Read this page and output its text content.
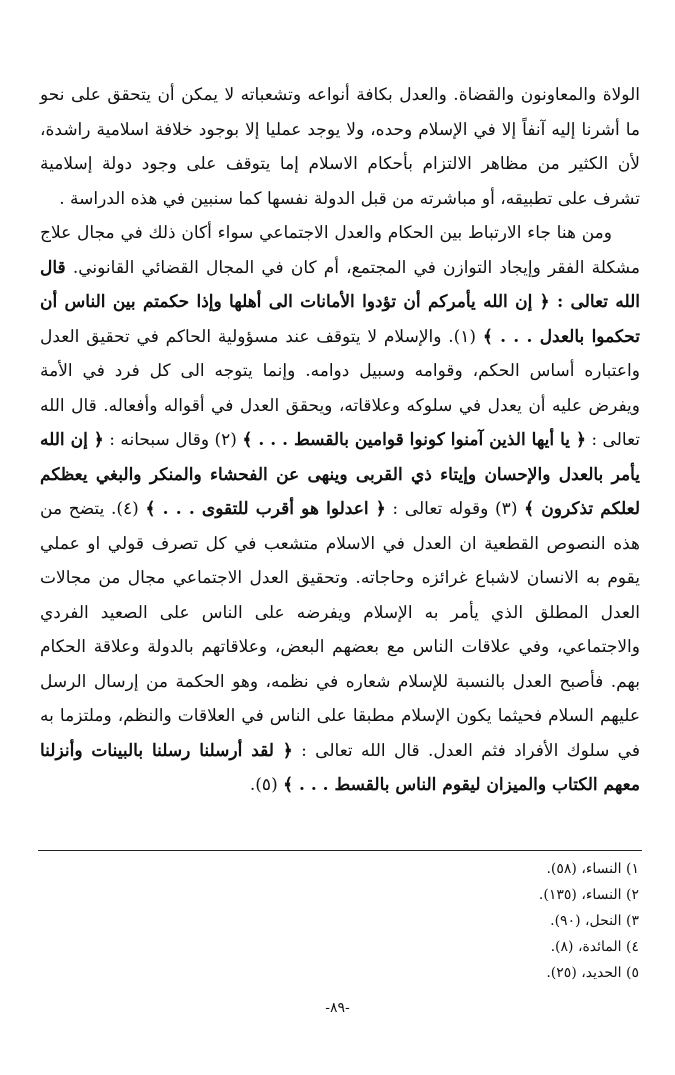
الولاة والمعاونون والقضاة. والعدل بكافة أنواعه وتشعباته لا يمكن أن يتحقق على نحو ما أشرنا إليه آنفاً إلا في الإسلام وحده، ولا يوجد عمليا إلا بوجود خلافة اسلامية راشدة، لأن الكثير من مظاهر الالتزام بأحكام الاسلام إما يتوقف على وجود دولة إسلامية تشرف على تطبيقه، أو مباشرته من قبل الدولة نفسها كما سنبين في هذه الدراسة .

ومن هنا جاء الارتباط بين الحكام والعدل الاجتماعي سواء أكان ذلك في مجال علاج مشكلة الفقر وإيجاد التوازن في المجتمع، أم كان في المجال القضائي القانوني. قال الله تعالى : ﴿ إن الله يأمركم أن تؤدوا الأمانات الى أهلها وإذا حكمتم بين الناس أن تحكموا بالعدل . . . ﴾ (١). والإسلام لا يتوقف عند مسؤولية الحاكم في تحقيق العدل واعتباره أساس الحكم، وقوامه وسبيل دوامه. وإنما يتوجه الى كل فرد في الأمة ويفرض عليه أن يعدل في سلوكه وعلاقاته، ويحقق العدل في أقواله وأفعاله. قال الله تعالى : ﴿ يا أيها الذين آمنوا كونوا قوامين بالقسط . . . ﴾ (٢) وقال سبحانه : ﴿ إن الله يأمر بالعدل والإحسان وإيتاء ذي القربى وينهى عن الفحشاء والمنكر والبغي يعظكم لعلكم تذكرون ﴾ (٣) وقوله تعالى : ﴿ اعدلوا هو أقرب للتقوى . . . ﴾ (٤). يتضح من هذه النصوص القطعية ان العدل في الاسلام متشعب في كل تصرف قولي او عملي يقوم به الانسان لاشباع غرائزه وحاجاته. وتحقيق العدل الاجتماعي مجال من مجالات العدل المطلق الذي يأمر به الإسلام ويفرضه على الناس على الصعيد الفردي والاجتماعي، وفي علاقات الناس مع بعضهم البعض، وعلاقاتهم بالدولة وعلاقة الحكام بهم. فأصبح العدل بالنسبة للإسلام شعاره في نظمه، وهو الحكمة من إرسال الرسل عليهم السلام فحيثما يكون الإسلام مطبقا على الناس في العلاقات والنظم، وملتزما به في سلوك الأفراد فثم العدل. قال الله تعالى : ﴿ لقد أرسلنا رسلنا بالبينات وأنزلنا معهم الكتاب والميزان ليقوم الناس بالقسط . . . ﴾ (٥).

١) النساء، (٥٨).
٢) النساء، (١٣٥).
٣) النحل، (٩٠).
٤) المائدة، (٨).
٥) الحديد، (٢٥).
-٨٩-
